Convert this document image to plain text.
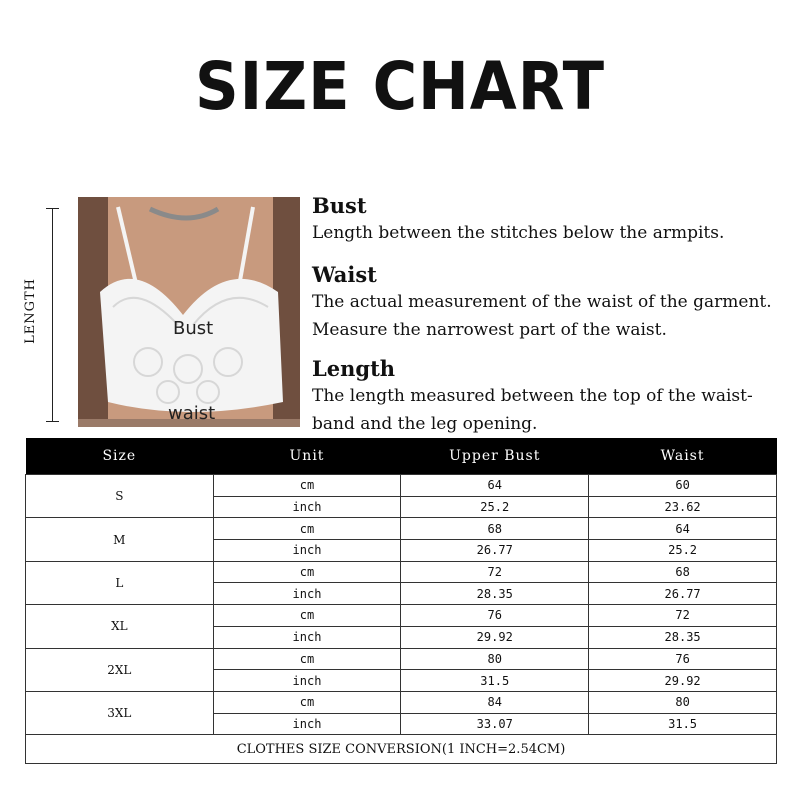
SIZE CHART
LENGTH	Bust
waist
Bust

Length between the stitches below the armpits.

Waist

The actual measurement of the waist of the garment.

Measure the narrowest part of the waist.

Length

The length measured between the top of the waist-

band and the leg opening.

Size	Unit	Upper Bust	Waist
S	cm	64	60
	inch	25.2	23.62
M	cm	68	64
	inch	26.77	25.2
L	cm	72	68
	inch	28.35	26.77
XL	cm	76	72
	inch	29.92	28.35
2XL	cm	80	76
	inch	31.5	29.92
3XL	cm	84	80
	inch	33.07	31.5
CLOTHES SIZE CONVERSION(1 INCH=2.54CM)			
